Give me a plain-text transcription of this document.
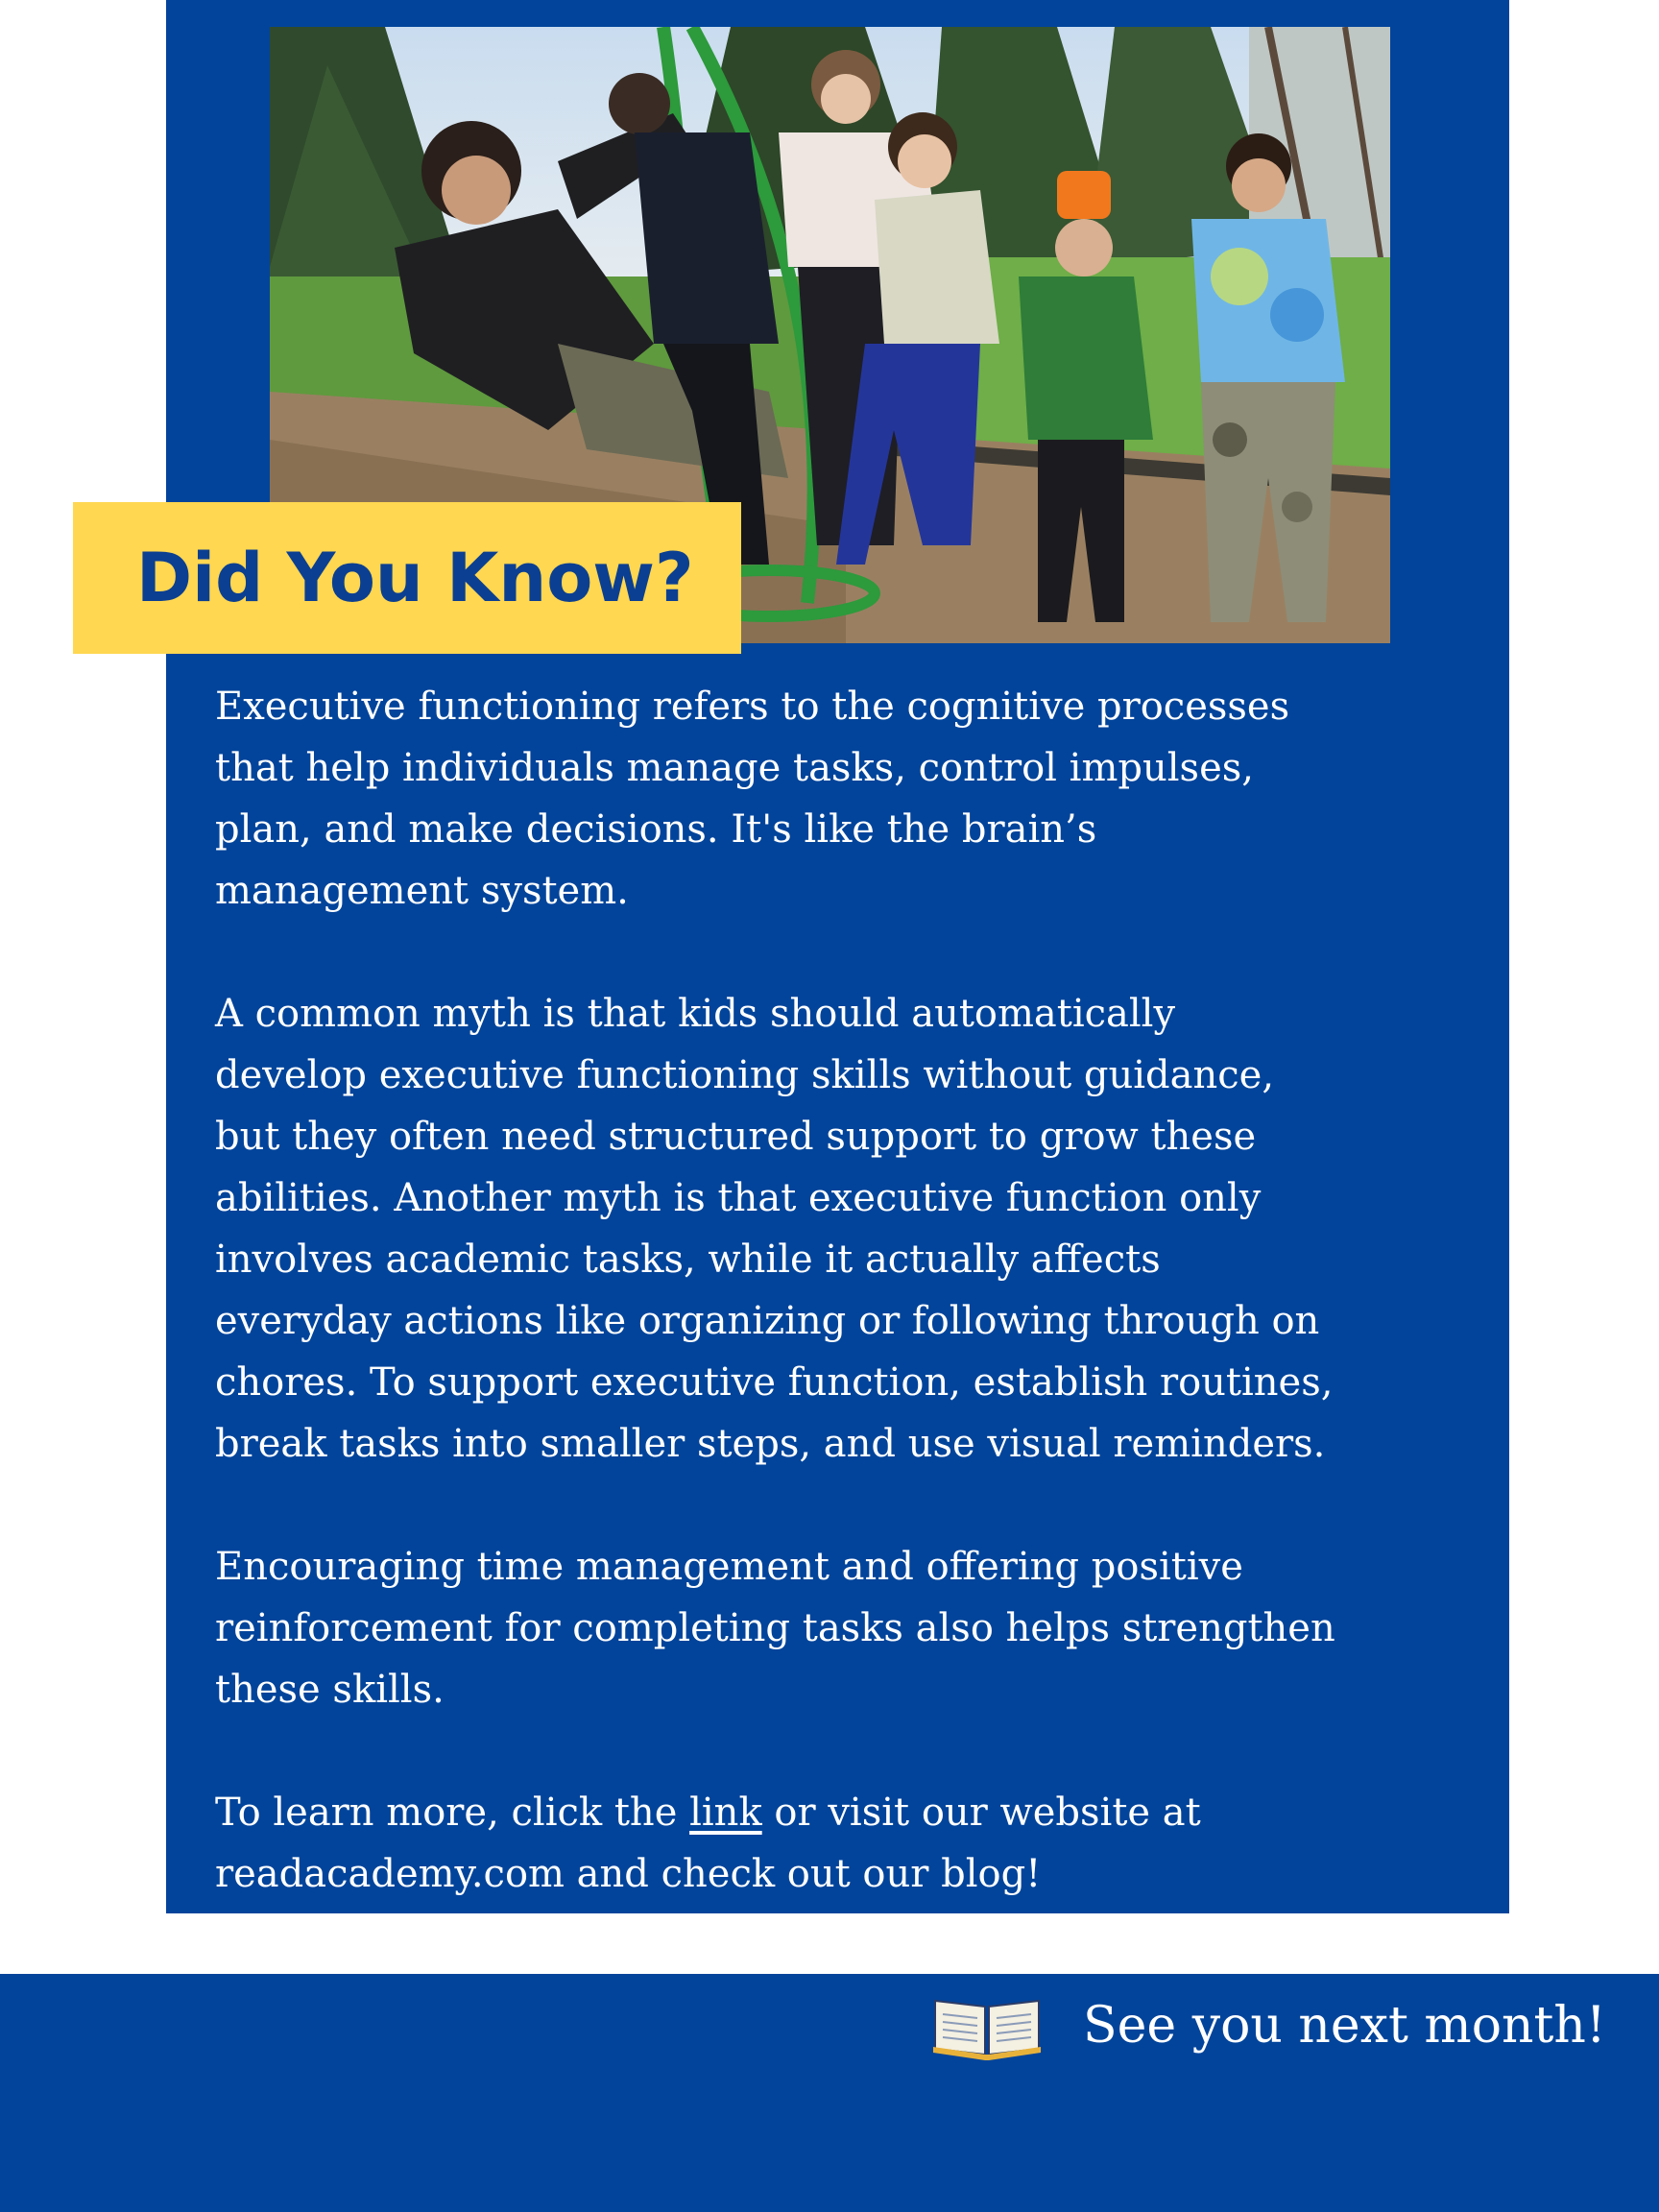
Did You Know?

Executive functioning refers to the cognitive processes
that help individuals manage tasks, control impulses,
plan, and make decisions. It's like the brain’s
management system.

A common myth is that kids should automatically
develop executive functioning skills without guidance,
but they often need structured support to grow these
abilities. Another myth is that executive function only
involves academic tasks, while it actually affects
everyday actions like organizing or following through on
chores. To support executive function, establish routines,
break tasks into smaller steps, and use visual reminders.

Encouraging time management and offering positive
reinforcement for completing tasks also helps strengthen
these skills.

To learn more, click the link or visit our website at
readacademy.com and check out our blog!

See you next month!
